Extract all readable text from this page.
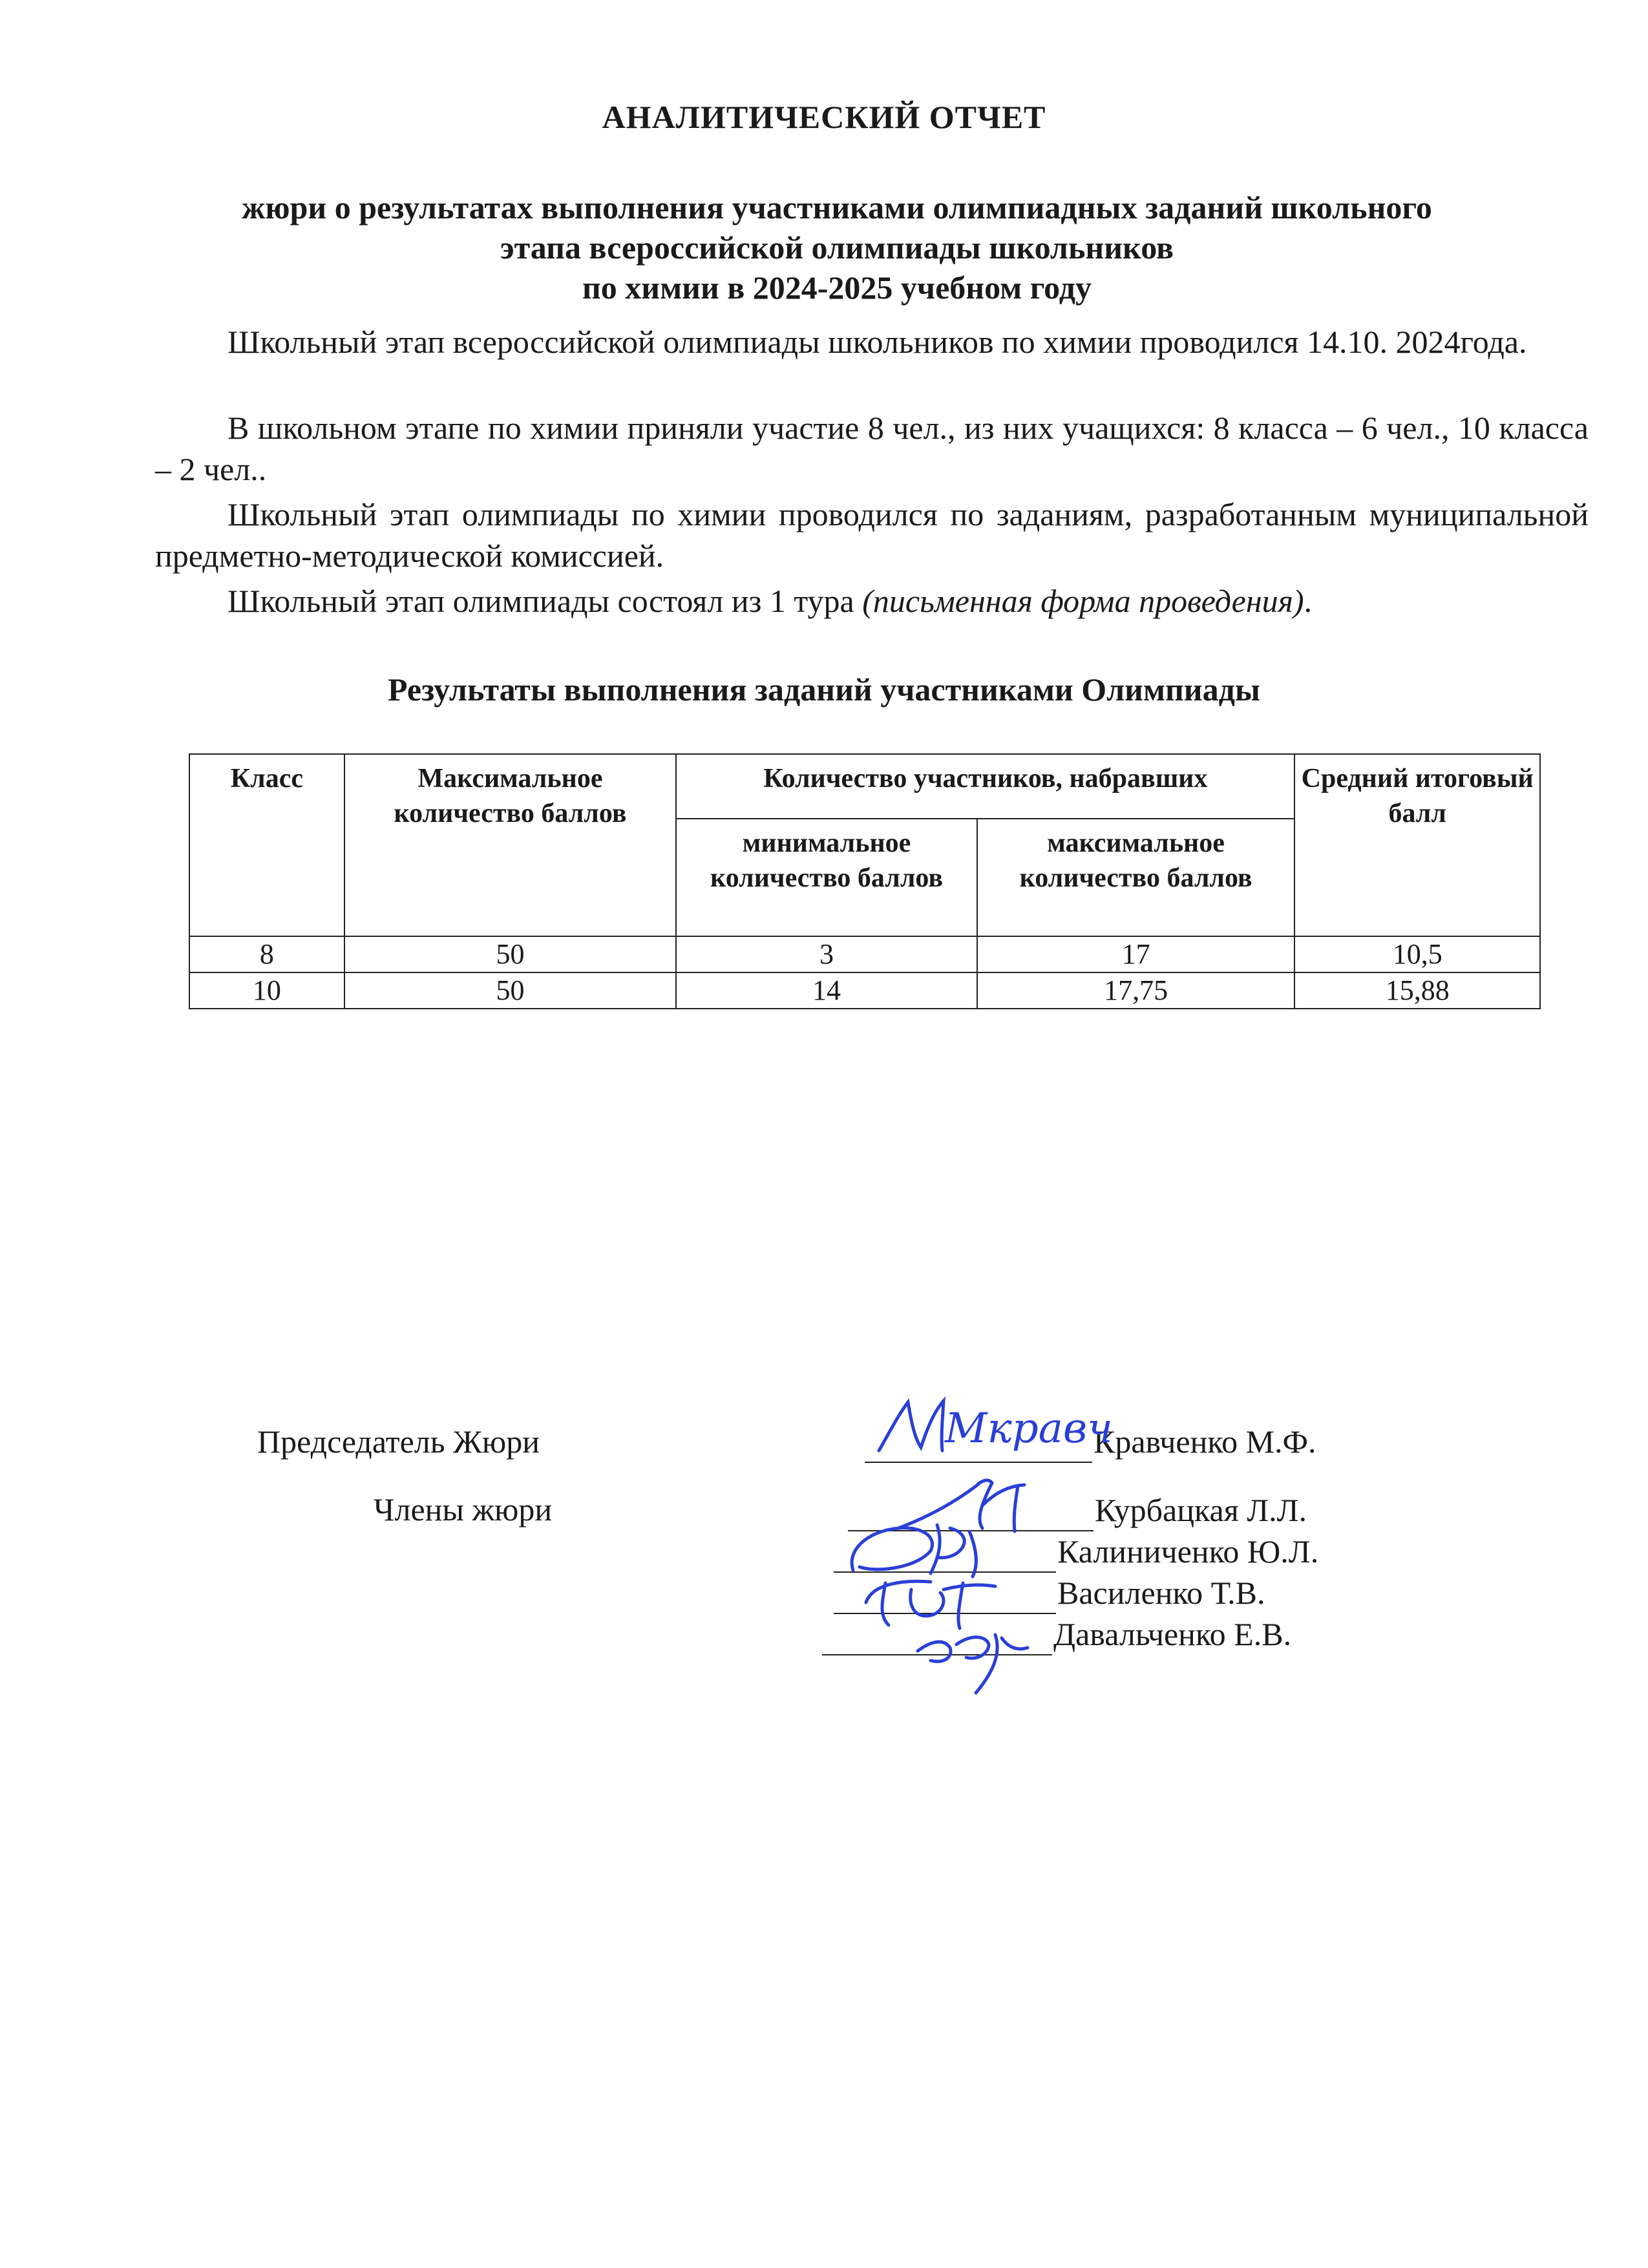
АНАЛИТИЧЕСКИЙ ОТЧЕТ
жюри о результатах выполнения участниками олимпиадных заданий школьного
этапа всероссийской олимпиады школьников
по химии в 2024-2025 учебном году
Школьный этап всероссийской олимпиады школьников по химии проводился 14.10. 2024года.
В школьном этапе по химии приняли участие 8 чел., из них учащихся: 8 класса – 6 чел., 10 класса – 2 чел..
Школьный этап олимпиады по химии проводился по заданиям, разработанным муниципальной предметно-методической комиссией.
Школьный этап олимпиады состоял из 1 тура (письменная форма проведения).
Результаты выполнения заданий участниками Олимпиады
Класс	Максимальное количество баллов	Количество участников, набравших		Средний итоговый балл
		минимальное количество баллов	максимальное количество баллов	
8	50	3	17	10,5
10	50	14	17,75	15,88
Председатель Жюри
Члены жюри
Кравченко М.Ф.
Курбацкая Л.Л.
Калиниченко Ю.Л.
Василенко Т.В.
Давальченко Е.В.
Мкравч
